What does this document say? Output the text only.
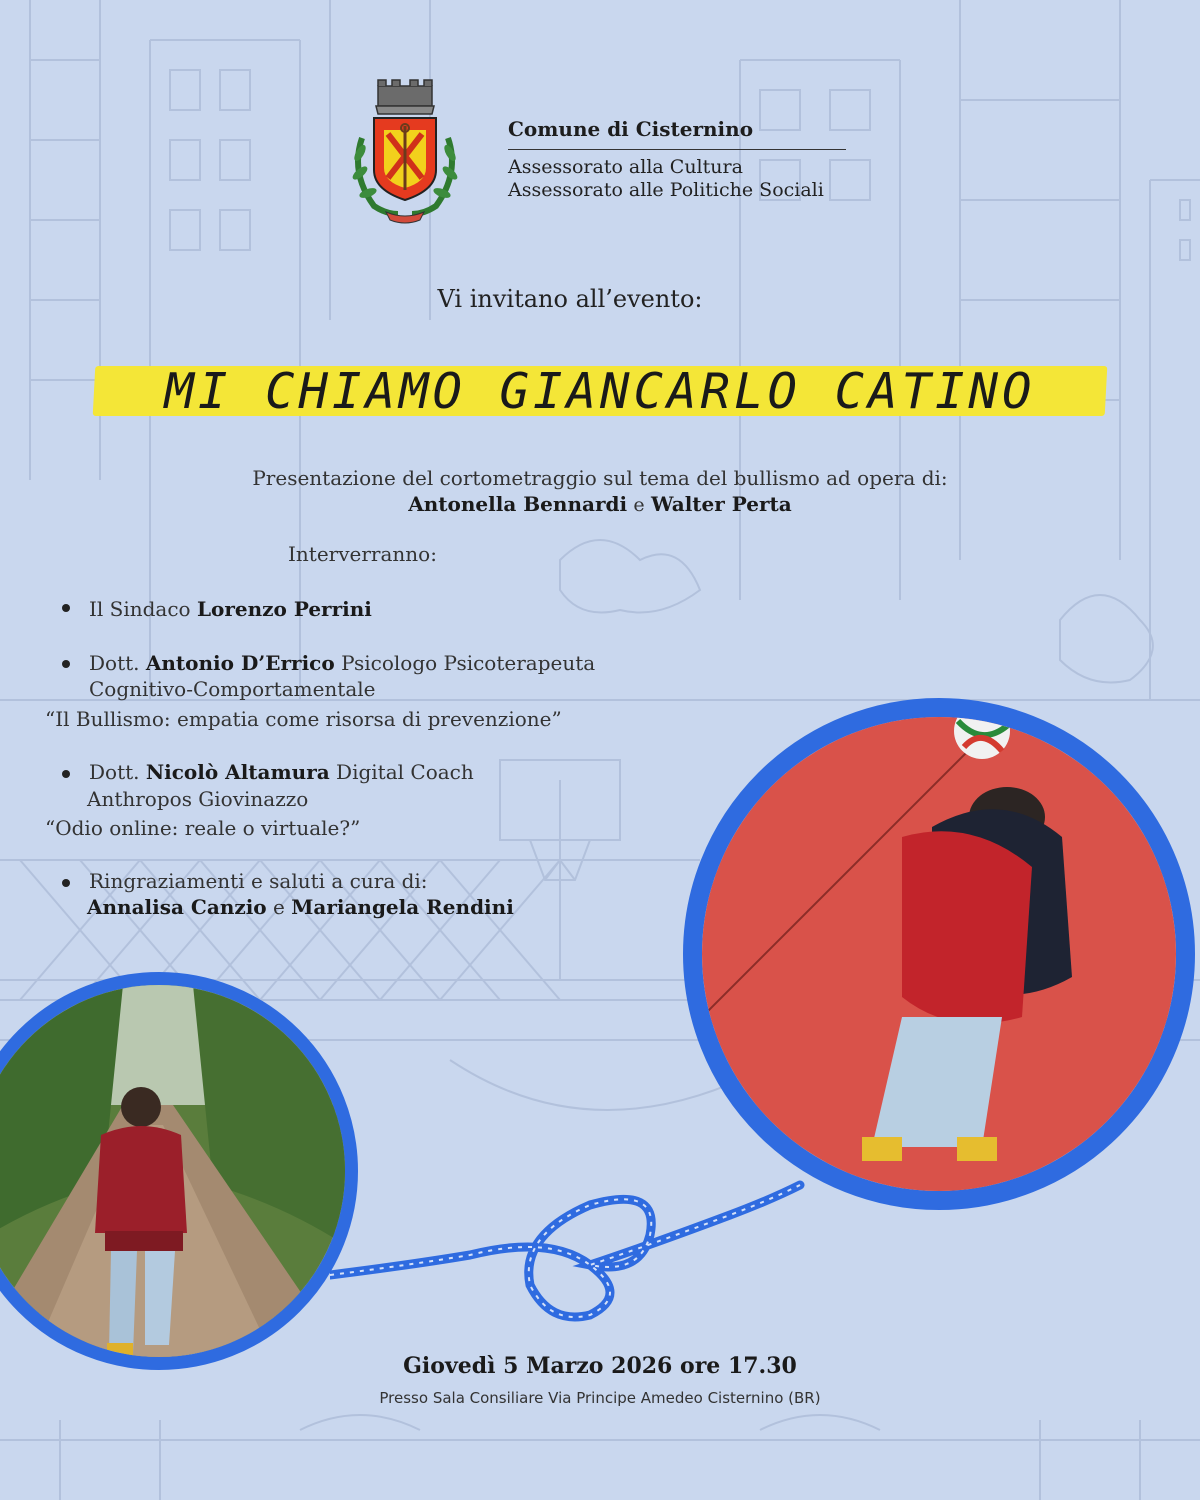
Comune di Cisternino
Assessorato alla Cultura
Assessorato alle Politiche Sociali
Vi invitano all’evento:
MI CHIAMO GIANCARLO CATINO
Presentazione del cortometraggio sul tema del bullismo ad opera di:
Antonella Bennardi e Walter Perta
Interverranno:
Il Sindaco Lorenzo Perrini
Dott. Antonio D’Errico Psicologo Psicoterapeuta
Cognitivo-Comportamentale
“Il Bullismo: empatia come risorsa di prevenzione”
Dott. Nicolò Altamura Digital Coach
Anthropos Giovinazzo
“Odio online: reale o virtuale?”
Ringraziamenti e saluti a cura di:
Annalisa Canzio e Mariangela Rendini
Giovedì 5 Marzo 2026 ore 17.30
Presso Sala Consiliare Via Principe Amedeo Cisternino (BR)
